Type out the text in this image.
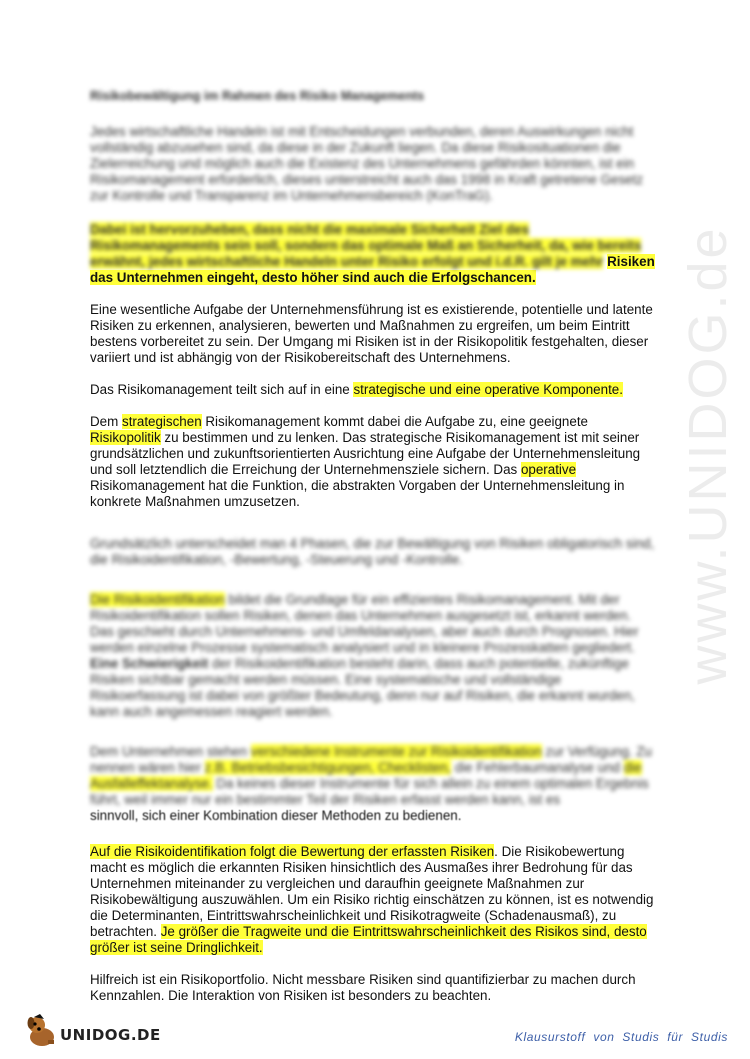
www.UNIDOG.de
Risikobewältigung im Rahmen des Risiko Managements

Jedes wirtschaftliche Handeln ist mit Entscheidungen verbunden, deren Auswirkungen nicht vollständig abzusehen sind, da diese in der Zukunft liegen. Da diese Risikosituationen die Zielerreichung und möglich auch die Existenz des Unternehmens gefährden könnten, ist ein Risikomanagement erforderlich, dieses unterstreicht auch das 1998 in Kraft getretene Gesetz zur Kontrolle und Transparenz im Unternehmensbereich (KonTraG).

Dabei ist hervorzuheben, dass nicht die maximale Sicherheit Ziel des Risikomanagements sein soll, sondern das optimale Maß an Sicherheit, da, wie bereits erwähnt, jedes wirtschaftliche Handeln unter Risiko erfolgt und i.d.R. gilt je mehr Risiken das Unternehmen eingeht, desto höher sind auch die Erfolgschancen.

Eine wesentliche Aufgabe der Unternehmensführung ist es existierende, potentielle und latente Risiken zu erkennen, analysieren, bewerten und Maßnahmen zu ergreifen, um beim Eintritt bestens vorbereitet zu sein. Der Umgang mi Risiken ist in der Risikopolitik festgehalten, dieser variiert und ist abhängig von der Risikobereitschaft des Unternehmens.

Das Risikomanagement teilt sich auf in eine strategische und eine operative Komponente.

Dem strategischen Risikomanagement kommt dabei die Aufgabe zu, eine geeignete Risikopolitik zu bestimmen und zu lenken. Das strategische Risikomanagement ist mit seiner grundsätzlichen und zukunftsorientierten Ausrichtung eine Aufgabe der Unternehmensleitung und soll letztendlich die Erreichung der Unternehmensziele sichern. Das operative Risikomanagement hat die Funktion, die abstrakten Vorgaben der Unternehmensleitung in konkrete Maßnahmen umzusetzen.

Grundsätzlich unterscheidet man 4 Phasen, die zur Bewältigung von Risiken obligatorisch sind, die Risikoidentifikation, -Bewertung, -Steuerung und -Kontrolle.

Die Risikoidentifikation bildet die Grundlage für ein effizientes Risikomanagement. Mit der Risikoidentifikation sollen Risiken, denen das Unternehmen ausgesetzt ist, erkannt werden. Das geschieht durch Unternehmens- und Umfeldanalysen, aber auch durch Prognosen. Hier werden einzelne Prozesse systematisch analysiert und in kleinere Prozesskatten gegliedert. Eine Schwierigkeit der Risikoidentifikation besteht darin, dass auch potentielle, zukünftige Risiken sichtbar gemacht werden müssen. Eine systematische und vollständige Risikoerfassung ist dabei von größter Bedeutung, denn nur auf Risiken, die erkannt wurden, kann auch angemessen reagiert werden.

Dem Unternehmen stehen verschiedene Instrumente zur Risikoidentifikation zur Verfügung. Zu nennen wären hier z.B. Betriebsbesichtigungen, Checklisten, die Fehlerbaumanalyse und die Ausfalleffektanalyse. Da keines dieser Instrumente für sich allein zu einem optimalen Ergebnis führt, weil immer nur ein bestimmter Teil der Risiken erfasst werden kann, ist es
sinnvoll, sich einer Kombination dieser Methoden zu bedienen.

Auf die Risikoidentifikation folgt die Bewertung der erfassten Risiken. Die Risikobewertung macht es möglich die erkannten Risiken hinsichtlich des Ausmaßes ihrer Bedrohung für das Unternehmen miteinander zu vergleichen und daraufhin geeignete Maßnahmen zur Risikobewältigung auszuwählen. Um ein Risiko richtig einschätzen zu können, ist es notwendig die Determinanten, Eintrittswahrscheinlichkeit und Risikotragweite (Schadenausmaß), zu betrachten. Je größer die Tragweite und die Eintrittswahrscheinlichkeit des Risikos sind, desto größer ist seine Dringlichkeit.

Hilfreich ist ein Risikoportfolio. Nicht messbare Risiken sind quantifizierbar zu machen durch Kennzahlen. Die Interaktion von Risiken ist besonders zu beachten.

UNIDOG.DE	Klausurstoff von Studis für Studis
